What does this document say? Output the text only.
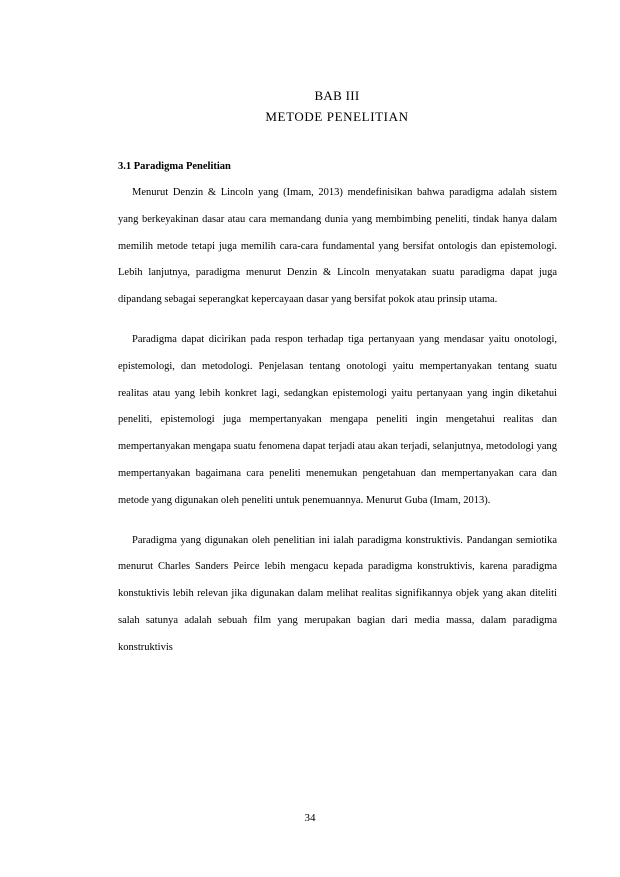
BAB III
METODE PENELITIAN
3.1 Paradigma Penelitian

Menurut Denzin & Lincoln yang (Imam, 2013) mendefinisikan bahwa paradigma adalah sistem yang berkeyakinan dasar atau cara memandang dunia yang membimbing peneliti, tindak hanya dalam memilih metode tetapi juga memilih cara-cara fundamental yang bersifat ontologis dan epistemologi. Lebih lanjutnya, paradigma menurut Denzin & Lincoln menyatakan suatu paradigma dapat juga dipandang sebagai seperangkat kepercayaan dasar yang bersifat pokok atau prinsip utama.

Paradigma dapat dicirikan pada respon terhadap tiga pertanyaan yang mendasar yaitu onotologi, epistemologi, dan metodologi. Penjelasan tentang onotologi yaitu mempertanyakan tentang suatu realitas atau yang lebih konkret lagi, sedangkan epistemologi yaitu pertanyaan yang ingin diketahui peneliti, epistemologi juga mempertanyakan mengapa peneliti ingin mengetahui realitas dan mempertanyakan mengapa suatu fenomena dapat terjadi atau akan terjadi, selanjutnya, metodologi yang mempertanyakan bagaimana cara peneliti menemukan pengetahuan dan mempertanyakan cara dan metode yang digunakan oleh peneliti untuk penemuannya. Menurut Guba (Imam, 2013).

Paradigma yang digunakan oleh penelitian ini ialah paradigma konstruktivis. Pandangan semiotika menurut Charles Sanders Peirce lebih mengacu kepada paradigma konstruktivis, karena paradigma konstuktivis lebih relevan jika digunakan dalam melihat realitas signifikannya objek yang akan diteliti salah satunya adalah sebuah film yang merupakan bagian dari media massa, dalam paradigma konstruktivis

34
